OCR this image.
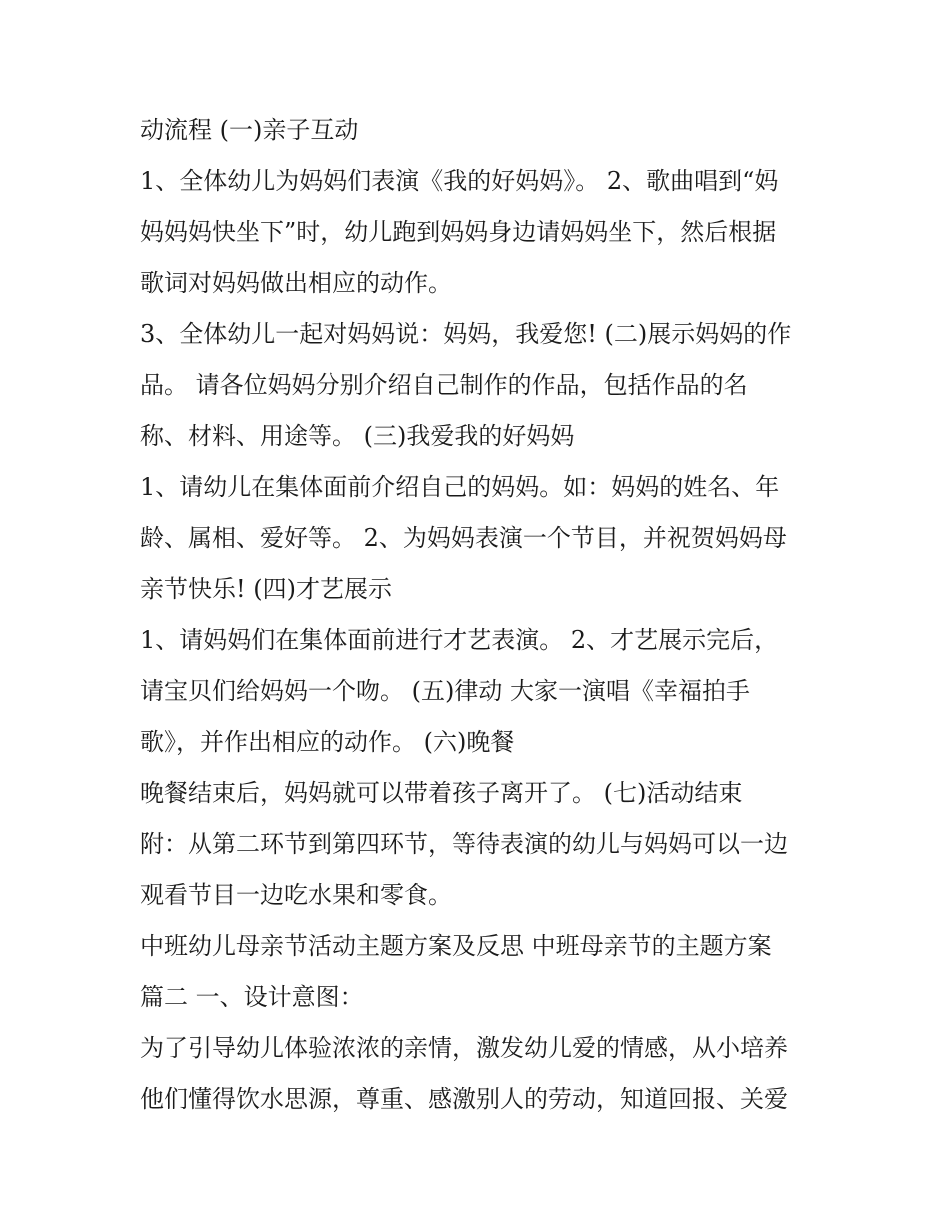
动流程 (一)亲子互动

1、全体幼儿为妈妈们表演《我的好妈妈》。 2、歌曲唱到“妈

妈妈妈快坐下”时，幼儿跑到妈妈身边请妈妈坐下，然后根据

歌词对妈妈做出相应的动作。

3、全体幼儿一起对妈妈说：妈妈，我爱您! (二)展示妈妈的作

品。 请各位妈妈分别介绍自己制作的作品，包括作品的名

称、材料、用途等。 (三)我爱我的好妈妈

1、请幼儿在集体面前介绍自己的妈妈。如：妈妈的姓名、年

龄、属相、爱好等。 2、为妈妈表演一个节目，并祝贺妈妈母

亲节快乐! (四)才艺展示

1、请妈妈们在集体面前进行才艺表演。 2、才艺展示完后，

请宝贝们给妈妈一个吻。 (五)律动 大家一演唱《幸福拍手

歌》，并作出相应的动作。 (六)晚餐

晚餐结束后，妈妈就可以带着孩子离开了。 (七)活动结束

附：从第二环节到第四环节，等待表演的幼儿与妈妈可以一边

观看节目一边吃水果和零食。

中班幼儿母亲节活动主题方案及反思 中班母亲节的主题方案

篇二 一、设计意图：

为了引导幼儿体验浓浓的亲情，激发幼儿爱的情感，从小培养

他们懂得饮水思源，尊重、感激别人的劳动，知道回报、关爱
